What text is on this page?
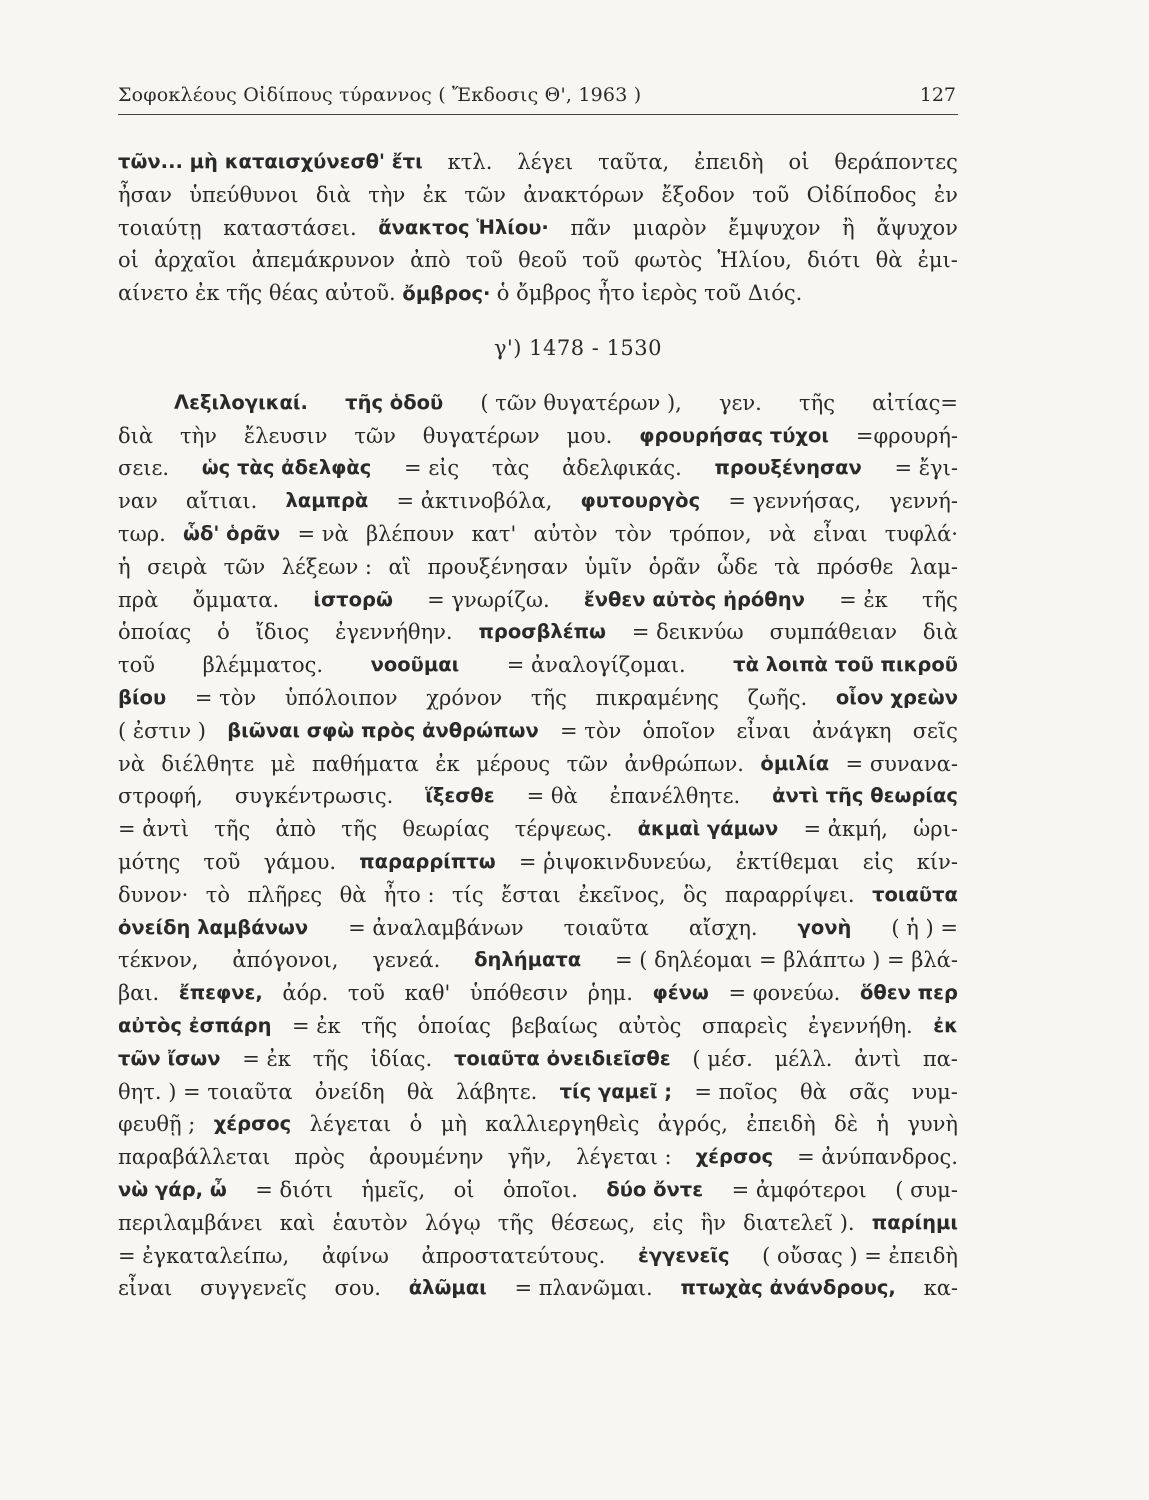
Σοφοκλέους Οἰδίπους τύραννος ( Ἔκδοσις Θ', 1963 )	127
τῶν... μὴ καταισχύνεσθ' ἔτι κτλ. λέγει ταῦτα, ἐπειδὴ οἱ θεράποντες
ἦσαν ὑπεύθυνοι διὰ τὴν ἐκ τῶν ἀνακτόρων ἔξοδον τοῦ Οἰδίποδος ἐν
τοιαύτῃ καταστάσει. ἄνακτος Ἡλίου· πᾶν μιαρὸν ἔμψυχον ἢ ἄψυχον
οἱ ἀρχαῖοι ἀπεμάκρυνον ἀπὸ τοῦ θεοῦ τοῦ φωτὸς Ἡλίου, διότι θὰ ἐμι-
αίνετο ἐκ τῆς θέας αὐτοῦ. ὄμβρος· ὁ ὄμβρος ἦτο ἱερὸς τοῦ Διός.
γ') 1478 - 1530
Λεξιλογικαί. τῆς ὁδοῦ ( τῶν θυγατέρων ), γεν. τῆς αἰτίας=
διὰ τὴν ἔλευσιν τῶν θυγατέρων μου. φρουρήσας τύχοι =φρουρή-
σειε. ὡς τὰς ἀδελφὰς = εἰς τὰς ἀδελφικάς. προυξένησαν = ἔγι-
ναν αἴτιαι. λαμπρὰ = ἀκτινοβόλα, φυτουργὸς = γεννήσας, γεννή-
τωρ. ὧδ' ὁρᾶν = νὰ βλέπουν κατ' αὐτὸν τὸν τρόπον, νὰ εἶναι τυφλά·
ἡ σειρὰ τῶν λέξεων : αἳ προυξένησαν ὑμῖν ὁρᾶν ὧδε τὰ πρόσθε λαμ-
πρὰ ὄμματα. ἱστορῶ = γνωρίζω. ἔνθεν αὐτὸς ἠρόθην = ἐκ τῆς
ὁποίας ὁ ἴδιος ἐγεννήθην. προσβλέπω = δεικνύω συμπάθειαν διὰ
τοῦ βλέμματος. νοοῦμαι = ἀναλογίζομαι. τὰ λοιπὰ τοῦ πικροῦ
βίου = τὸν ὑπόλοιπον χρόνον τῆς πικραμένης ζωῆς. οἷον χρεὼν
( ἐστιν ) βιῶναι σφὼ πρὸς ἀνθρώπων = τὸν ὁποῖον εἶναι ἀνάγκη σεῖς
νὰ διέλθητε μὲ παθήματα ἐκ μέρους τῶν ἀνθρώπων. ὁμιλία = συνανα-
στροφή, συγκέντρωσις. ἵξεσθε = θὰ ἐπανέλθητε. ἀντὶ τῆς θεωρίας
= ἀντὶ τῆς ἀπὸ τῆς θεωρίας τέρψεως. ἀκμαὶ γάμων = ἀκμή, ὡρι-
μότης τοῦ γάμου. παραρρίπτω = ῥιψοκινδυνεύω, ἐκτίθεμαι εἰς κίν-
δυνον· τὸ πλῆρες θὰ ἦτο : τίς ἔσται ἐκεῖνος, ὃς παραρρίψει. τοιαῦτα
ὀνείδη λαμβάνων = ἀναλαμβάνων τοιαῦτα αἴσχη. γονὴ ( ἡ ) =
τέκνον, ἀπόγονοι, γενεά. δηλήματα = ( δηλέομαι = βλάπτω ) = βλά-
βαι. ἔπεφνε, ἀόρ. τοῦ καθ' ὑπόθεσιν ῥημ. φένω = φονεύω. ὅθεν περ
αὐτὸς ἐσπάρη = ἐκ τῆς ὁποίας βεβαίως αὐτὸς σπαρεὶς ἐγεννήθη. ἐκ
τῶν ἴσων = ἐκ τῆς ἰδίας. τοιαῦτα ὀνειδιεῖσθε ( μέσ. μέλλ. ἀντὶ πα-
θητ. ) = τοιαῦτα ὀνείδη θὰ λάβητε. τίς γαμεῖ ; = ποῖος θὰ σᾶς νυμ-
φευθῇ ; χέρσος λέγεται ὁ μὴ καλλιεργηθεὶς ἀγρός, ἐπειδὴ δὲ ἡ γυνὴ
παραβάλλεται πρὸς ἀρουμένην γῆν, λέγεται : χέρσος = ἀνύπανδρος.
νὼ γάρ, ὦ = διότι ἡμεῖς, οἱ ὁποῖοι. δύο ὄντε = ἀμφότεροι ( συμ-
περιλαμβάνει καὶ ἑαυτὸν λόγῳ τῆς θέσεως, εἰς ἣν διατελεῖ ). παρίημι
= ἐγκαταλείπω, ἀφίνω ἀπροστατεύτους. ἐγγενεῖς ( οὔσας ) = ἐπειδὴ
εἶναι συγγενεῖς σου. ἀλῶμαι = πλανῶμαι. πτωχὰς ἀνάνδρους, κα-
